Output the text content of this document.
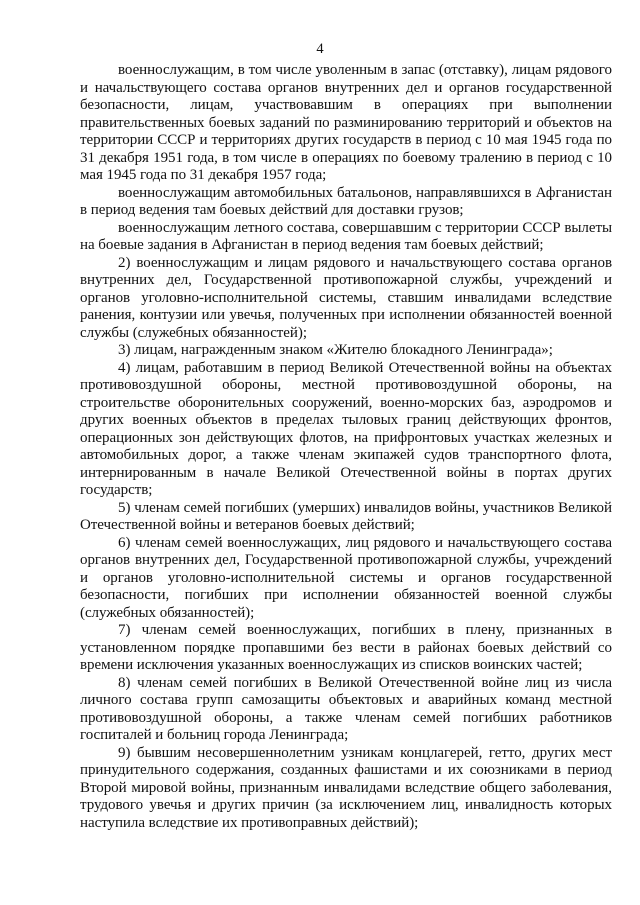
4

военнослужащим, в том числе уволенным в запас (отставку), лицам рядового и начальствующего состава органов внутренних дел и органов государственной безопасности, лицам, участвовавшим в операциях при выполнении правительственных боевых заданий по разминированию территорий и объектов на территории СССР и территориях других государств в период с 10 мая 1945 года по 31 декабря 1951 года, в том числе в операциях по боевому тралению в период с 10 мая 1945 года по 31 декабря 1957 года;

военнослужащим автомобильных батальонов, направлявшихся в Афганистан в период ведения там боевых действий для доставки грузов;

военнослужащим летного состава, совершавшим с территории СССР вылеты на боевые задания в Афганистан в период ведения там боевых действий;

2) военнослужащим и лицам рядового и начальствующего состава органов внутренних дел, Государственной противопожарной службы, учреждений и органов уголовно-исполнительной системы, ставшим инвалидами вследствие ранения, контузии или увечья, полученных при исполнении обязанностей военной службы (служебных обязанностей);

3) лицам, награжденным знаком «Жителю блокадного Ленинграда»;

4) лицам, работавшим в период Великой Отечественной войны на объектах противовоздушной обороны, местной противовоздушной обороны, на строительстве оборонительных сооружений, военно-морских баз, аэродромов и других военных объектов в пределах тыловых границ действующих фронтов, операционных зон действующих флотов, на прифронтовых участках железных и автомобильных дорог, а также членам экипажей судов транспортного флота, интернированным в начале Великой Отечественной войны в портах других государств;

5) членам семей погибших (умерших) инвалидов войны, участников Великой Отечественной войны и ветеранов боевых действий;

6) членам семей военнослужащих, лиц рядового и начальствующего состава органов внутренних дел, Государственной противопожарной службы, учреждений и органов уголовно-исполнительной системы и органов государственной безопасности, погибших при исполнении обязанностей военной службы (служебных обязанностей);

7) членам семей военнослужащих, погибших в плену, признанных в установленном порядке пропавшими без вести в районах боевых действий со времени исключения указанных военнослужащих из списков воинских частей;

8) членам семей погибших в Великой Отечественной войне лиц из числа личного состава групп самозащиты объектовых и аварийных команд местной противовоздушной обороны, а также членам семей погибших работников госпиталей и больниц города Ленинграда;

9) бывшим несовершеннолетним узникам концлагерей, гетто, других мест принудительного содержания, созданных фашистами и их союзниками в период Второй мировой войны, признанным инвалидами вследствие общего заболевания, трудового увечья и других причин (за исключением лиц, инвалидность которых наступила вследствие их противоправных действий);
